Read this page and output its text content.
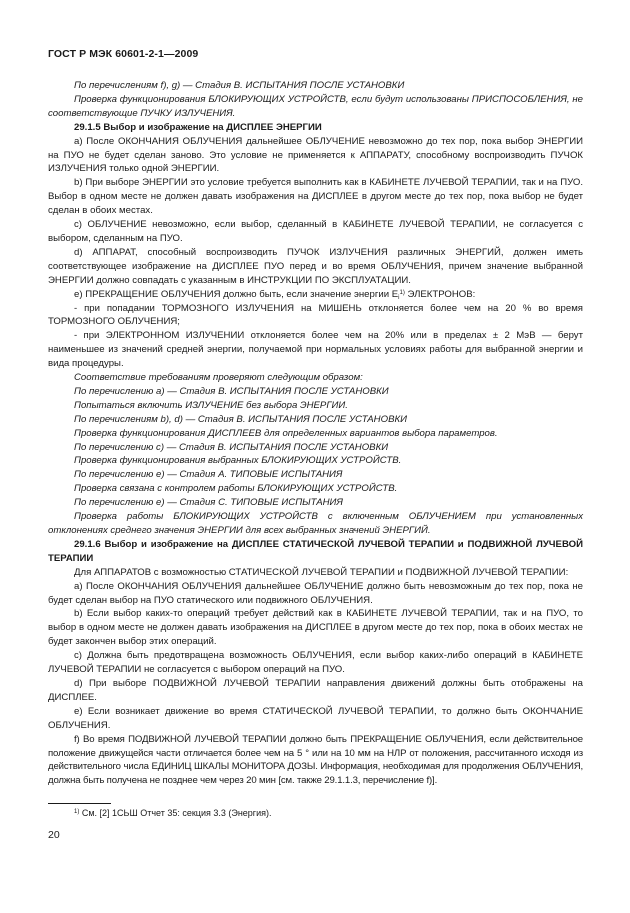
ГОСТ Р МЭК 60601-2-1—2009

По перечислениям f), g) — Стадия В. ИСПЫТАНИЯ ПОСЛЕ УСТАНОВКИ

Проверка функционирования БЛОКИРУЮЩИХ УСТРОЙСТВ, если будут использованы ПРИСПОСОБЛЕНИЯ, не соответствующие ПУЧКУ ИЗЛУЧЕНИЯ.

29.1.5 Выбор и изображение на ДИСПЛЕЕ ЭНЕРГИИ

а) После ОКОНЧАНИЯ ОБЛУЧЕНИЯ дальнейшее ОБЛУЧЕНИЕ невозможно до тех пор, пока выбор ЭНЕРГИИ на ПУО не будет сделан заново. Это условие не применяется к АППАРАТУ, способному воспроизводить ПУЧОК ИЗЛУЧЕНИЯ только одной ЭНЕРГИИ.

b) При выборе ЭНЕРГИИ это условие требуется выполнить как в КАБИНЕТЕ ЛУЧЕВОЙ ТЕРАПИИ, так и на ПУО. Выбор в одном месте не должен давать изображения на ДИСПЛЕЕ в другом месте до тех пор, пока выбор не будет сделан в обоих местах.

с) ОБЛУЧЕНИЕ невозможно, если выбор, сделанный в КАБИНЕТЕ ЛУЧЕВОЙ ТЕРАПИИ, не согласуется с выбором, сделанным на ПУО.

d) АППАРАТ, способный воспроизводить ПУЧОК ИЗЛУЧЕНИЯ различных ЭНЕРГИЙ, должен иметь соответствующее изображение на ДИСПЛЕЕ ПУО перед и во время ОБЛУЧЕНИЯ, причем значение выбранной ЭНЕРГИИ должно совпадать с указанным в ИНСТРУКЦИИ ПО ЭКСПЛУАТАЦИИ.

е) ПРЕКРАЩЕНИЕ ОБЛУЧЕНИЯ должно быть, если значение энергии $E_i^{1)}$ ЭЛЕКТРОНОВ:

- при попадании ТОРМОЗНОГО ИЗЛУЧЕНИЯ на МИШЕНЬ отклоняется более чем на 20 % во время ТОРМОЗНОГО ОБЛУЧЕНИЯ;

- при ЭЛЕКТРОННОМ ИЗЛУЧЕНИИ отклоняется более чем на 20% или в пределах ± 2 МэВ — берут наименьшее из значений средней энергии, получаемой при нормальных условиях работы для выбранной энергии и вида процедуры.

Соответствие требованиям проверяют следующим образом:

По перечислению а) — Стадия В. ИСПЫТАНИЯ ПОСЛЕ УСТАНОВКИ

Попытаться включить ИЗЛУЧЕНИЕ без выбора ЭНЕРГИИ.

По перечислениям b), d) — Стадия В. ИСПЫТАНИЯ ПОСЛЕ УСТАНОВКИ

Проверка функционирования ДИСПЛЕЕВ для определенных вариантов выбора параметров.

По перечислению с) — Стадия В. ИСПЫТАНИЯ ПОСЛЕ УСТАНОВКИ

Проверка функционирования выбранных БЛОКИРУЮЩИХ УСТРОЙСТВ.

По перечислению е) — Стадия А. ТИПОВЫЕ ИСПЫТАНИЯ

Проверка связана с контролем работы БЛОКИРУЮЩИХ УСТРОЙСТВ.

По перечислению е) — Стадия С. ТИПОВЫЕ ИСПЫТАНИЯ

Проверка работы БЛОКИРУЮЩИХ УСТРОЙСТВ с включенным ОБЛУЧЕНИЕМ при установленных отклонениях среднего значения ЭНЕРГИИ для всех выбранных значений ЭНЕРГИЙ.

29.1.6 Выбор и изображение на ДИСПЛЕЕ СТАТИЧЕСКОЙ ЛУЧЕВОЙ ТЕРАПИИ и ПОДВИЖНОЙ ЛУЧЕВОЙ ТЕРАПИИ

Для АППАРАТОВ с возможностью СТАТИЧЕСКОЙ ЛУЧЕВОЙ ТЕРАПИИ и ПОДВИЖНОЙ ЛУЧЕВОЙ ТЕРАПИИ:

а) После ОКОНЧАНИЯ ОБЛУЧЕНИЯ дальнейшее ОБЛУЧЕНИЕ должно быть невозможным до тех пор, пока не будет сделан выбор на ПУО статического или подвижного ОБЛУЧЕНИЯ.

b) Если выбор каких-то операций требует действий как в КАБИНЕТЕ ЛУЧЕВОЙ ТЕРАПИИ, так и на ПУО, то выбор в одном месте не должен давать изображения на ДИСПЛЕЕ в другом месте до тех пор, пока в обоих местах не будет закончен выбор этих операций.

с) Должна быть предотвращена возможность ОБЛУЧЕНИЯ, если выбор каких-либо операций в КАБИНЕТЕ ЛУЧЕВОЙ ТЕРАПИИ не согласуется с выбором операций на ПУО.

d) При выборе ПОДВИЖНОЙ ЛУЧЕВОЙ ТЕРАПИИ направления движений должны быть отображены на ДИСПЛЕЕ.

е) Если возникает движение во время СТАТИЧЕСКОЙ ЛУЧЕВОЙ ТЕРАПИИ, то должно быть ОКОНЧАНИЕ ОБЛУЧЕНИЯ.

f) Во время ПОДВИЖНОЙ ЛУЧЕВОЙ ТЕРАПИИ должно быть ПРЕКРАЩЕНИЕ ОБЛУЧЕНИЯ, если действительное положение движущейся части отличается более чем на 5 ° или на 10 мм на НЛР от положения, рассчитанного исходя из действительного числа ЕДИНИЦ ШКАЛЫ МОНИТОРА ДОЗЫ. Информация, необходимая для продолжения ОБЛУЧЕНИЯ, должна быть получена не позднее чем через 20 мин [см. также 29.1.1.3, перечисление f)].

$^{1)}$ См. [2] 1СЬШ Отчет 35: секция 3.3 (Энергия).
20
